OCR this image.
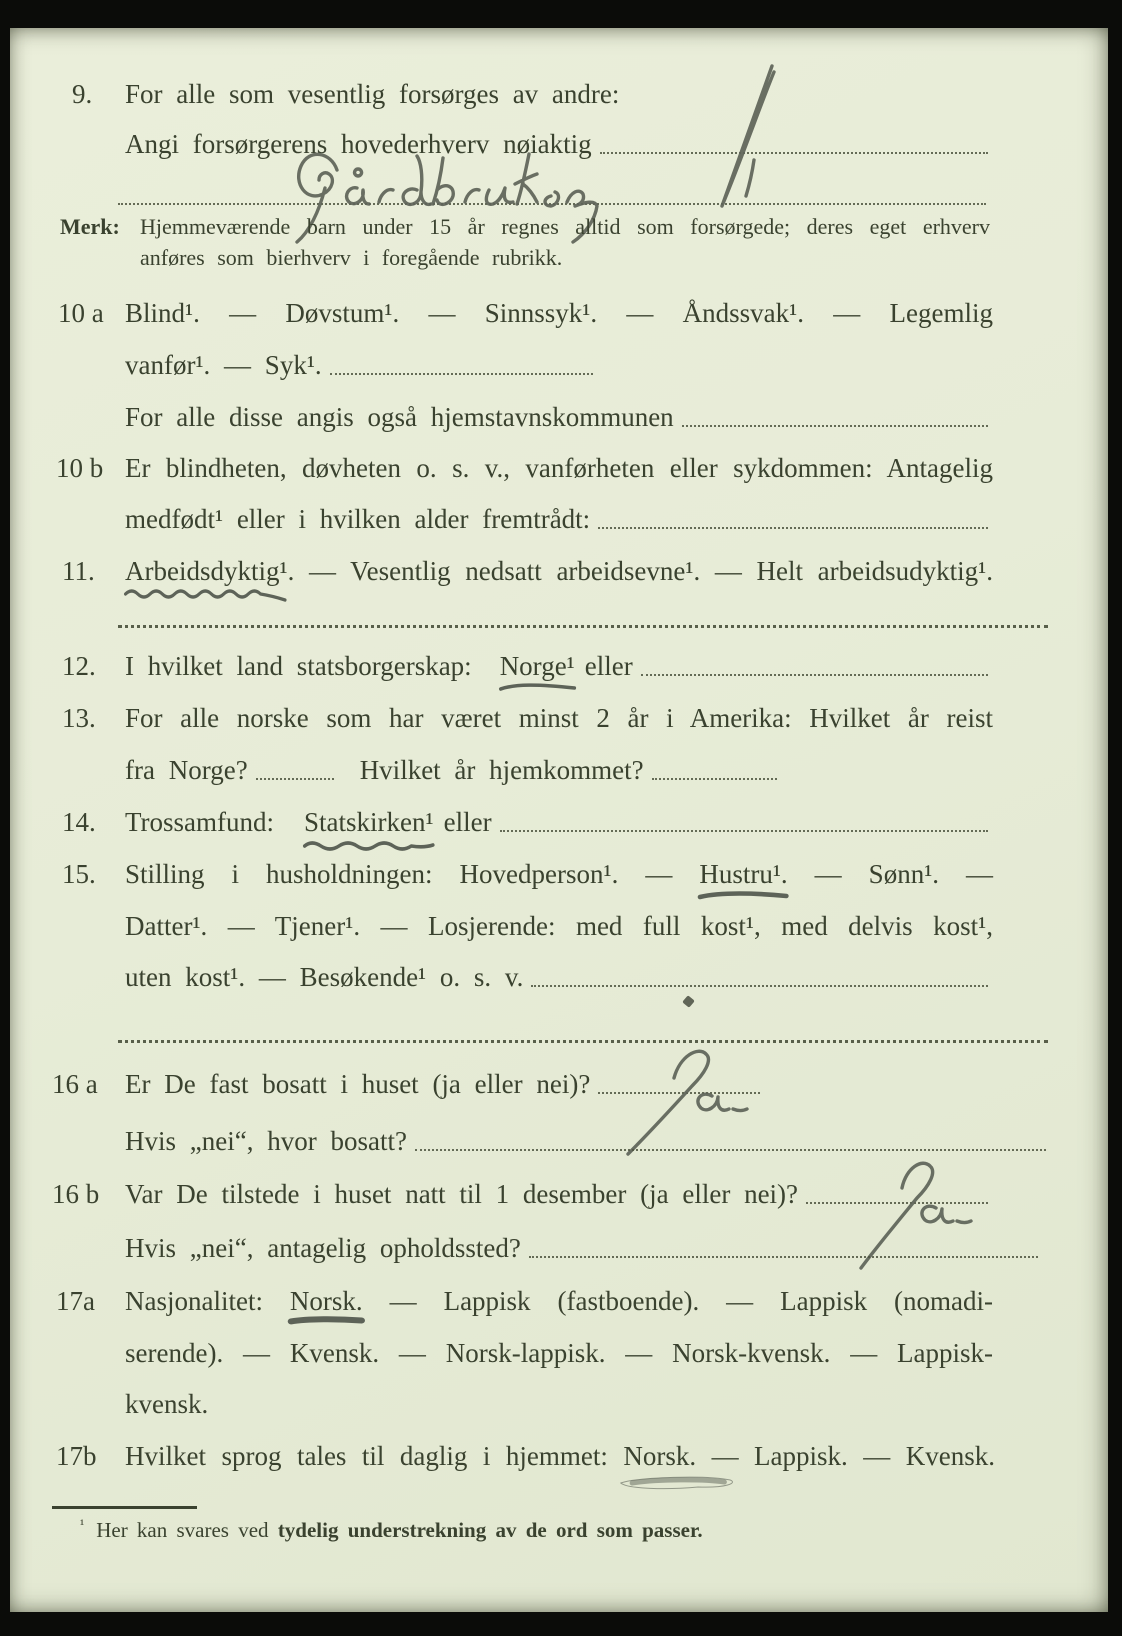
9. For alle som vesentlig forsørges av andre:
Angi forsørgerens hovederhverv nøiaktig
Merk: Hjemmeværende barn under 15 år regnes alltid som forsørgede; deres eget erhverv
anføres som bierhverv i foregående rubrikk.
10 a Blind¹. — Døvstum¹. — Sinnssyk¹. — Åndssvak¹. — Legemlig
vanfør¹. — Syk¹.
For alle disse angis også hjemstavnskommunen
10 b Er blindheten, døvheten o. s. v., vanførheten eller sykdommen: Antagelig
medfødt¹ eller i hvilken alder fremtrådt:
11. Arbeidsdyktig¹. — Vesentlig nedsatt arbeidsevne¹. — Helt arbeidsudyktig¹.
12. I hvilket land statsborgerskap: Norge¹ eller
13. For alle norske som har været minst 2 år i Amerika: Hvilket år reist
fra Norge?	Hvilket år hjemkommet?
14. Trossamfund: Statskirken¹ eller
15. Stilling i husholdningen: Hovedperson¹. — Hustru¹. — Sønn¹. —
Datter¹. — Tjener¹. — Losjerende: med full kost¹, med delvis kost¹,
uten kost¹. — Besøkende¹ o. s. v.
16 a Er De fast bosatt i huset (ja eller nei)?
Hvis „nei“, hvor bosatt?
16 b Var De tilstede i huset natt til 1 desember (ja eller nei)?
Hvis „nei“, antagelig opholdssted?
17a Nasjonalitet: Norsk. — Lappisk (fastboende). — Lappisk (nomadi-
serende). — Kvensk. — Norsk-lappisk. — Norsk-kvensk. — Lappisk-
kvensk.
17b Hvilket sprog tales til daglig i hjemmet: Norsk. — Lappisk. — Kvensk.
$^{^1}$ Her kan svares ved tydelig understrekning av de ord som passer.
